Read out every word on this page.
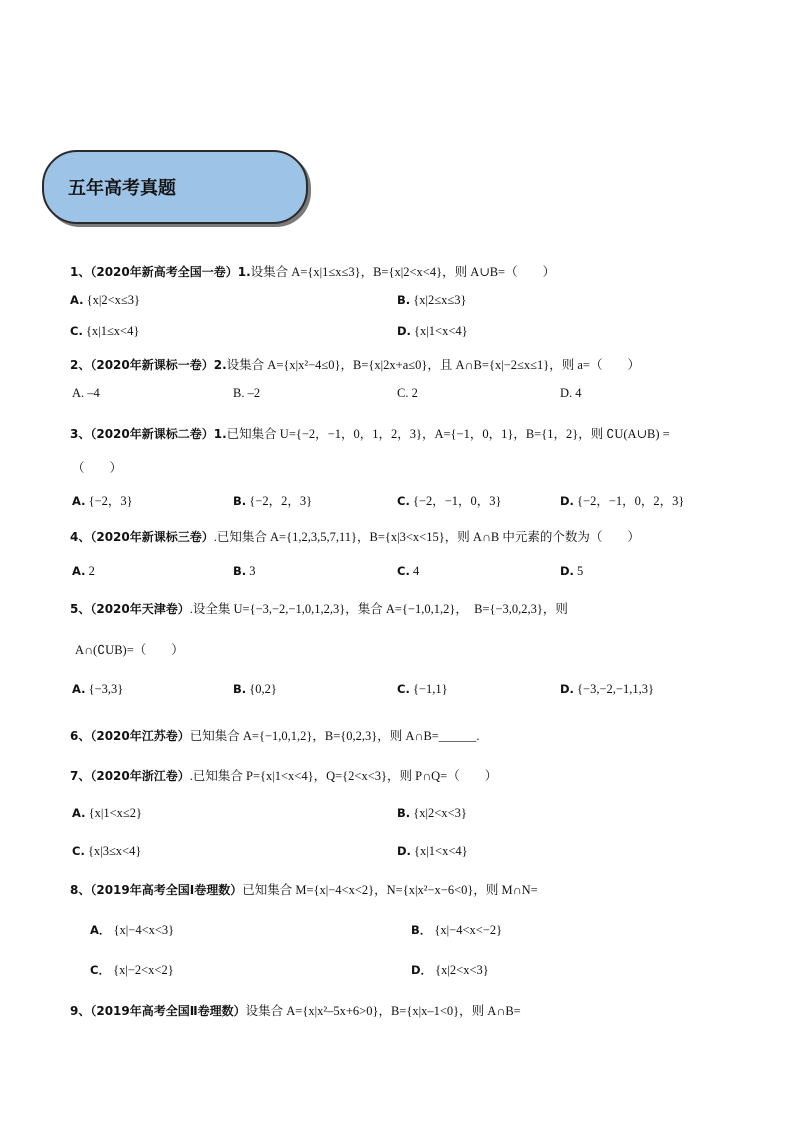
五年高考真题
1、（2020年新高考全国一卷）1.设集合 A={x|1≤x≤3}，B={x|2<x<4}，则 A∪B=（　　）
A. {x|2<x≤3}	B. {x|2≤x≤3}
C. {x|1≤x<4}	D. {x|1<x<4}
2、（2020年新课标一卷）2.设集合 A={x|x²−4≤0}，B={x|2x+a≤0}，且 A∩B={x|−2≤x≤1}，则 a=（　　）
A. –4	B. –2	C. 2	D. 4
3、（2020年新课标二卷）1.已知集合 U={−2，−1，0，1，2，3}，A={−1，0，1}，B={1，2}，则 ∁U(A∪B) =
（　　）
A. {−2，3}	B. {−2，2，3}	C. {−2，−1，0，3}	D. {−2，−1，0，2，3}
4、（2020年新课标三卷）.已知集合 A={1,2,3,5,7,11}，B={x|3<x<15}，则 A∩B 中元素的个数为（　　）
A. 2	B. 3	C. 4	D. 5
5、（2020年天津卷）.设全集 U={−3,−2,−1,0,1,2,3}，集合 A={−1,0,1,2}，　B={−3,0,2,3}，则
A∩(∁UB)=（　　）
A. {−3,3}	B. {0,2}	C. {−1,1}	D. {−3,−2,−1,1,3}
6、（2020年江苏卷）已知集合 A={−1,0,1,2}，B={0,2,3}，则 A∩B=______.
7、（2020年浙江卷）.已知集合 P={x|1<x<4}，Q={2<x<3}，则 P∩Q=（　　）
A. {x|1<x≤2}	B. {x|2<x<3}
C. {x|3≤x<4}	D. {x|1<x<4}
8、（2019年高考全国Ⅰ卷理数）已知集合 M={x|−4<x<2}，N={x|x²−x−6<0}，则 M∩N=
A． {x|−4<x<3}	B． {x|−4<x<−2}
C． {x|−2<x<2}	D． {x|2<x<3}
9、（2019年高考全国Ⅱ卷理数）设集合 A={x|x²–5x+6>0}，B={x|x–1<0}，则 A∩B=
